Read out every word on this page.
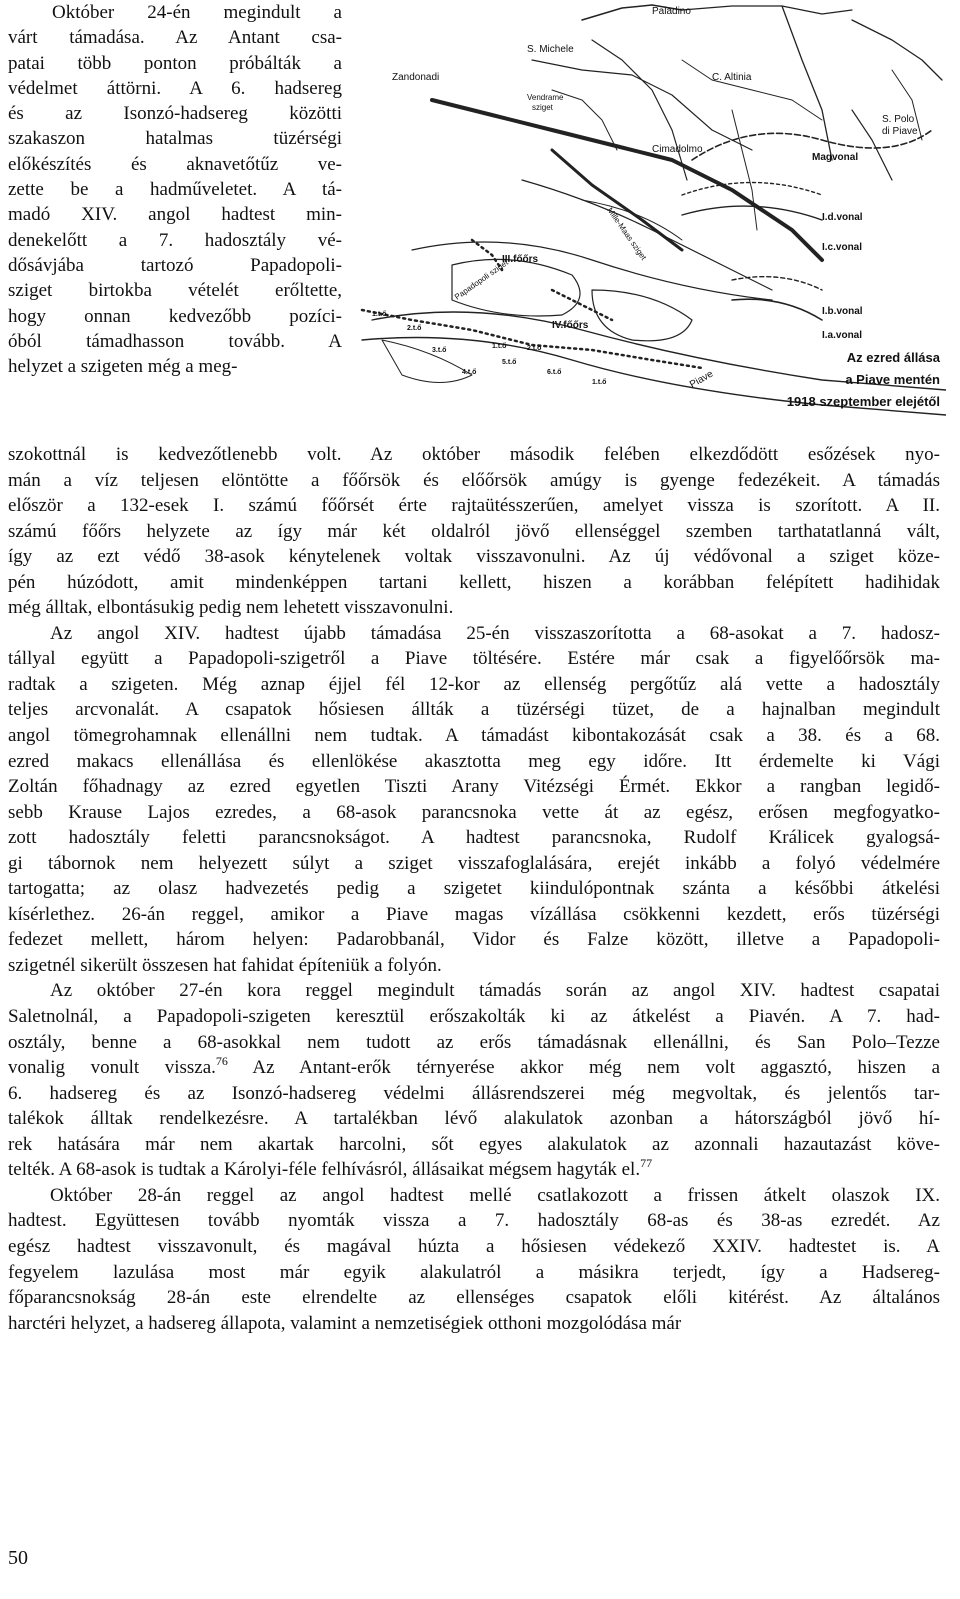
Október 24-én megindult a
várt támadása. Az Antant csa-
patai több ponton próbálták a
védelmet áttörni. A 6. hadsereg
és az Isonzó-hadsereg közötti
szakaszon hatalmas tüzérségi
előkészítés és aknavetőtűz ve-
zette be a hadműveletet. A tá-
madó XIV. angol hadtest min-
denekelőtt a 7. hadosztály vé-
dősávjába tartozó Papadopoli-
sziget birtokba vételét erőltette,
hogy onnan kedvezőbb pozíci-
óból támadhasson tovább. A
helyzet a szigeten még a meg-
Paladino
S. Michele
Zandonadi	C. Altinia
S. Polo
di Piave
Vendrame
sziget
Cimadolmo
Magvonal
I.d.vonal
I.c.vonal
I.b.vonal
I.a.vonal
Mille-Maas sziget
Papadopoli sziget
III.főőrs
IV.főőrs
Piave
1.t.ő
2.t.ő
3.t.ő
1.t.ő	2.t.ő
4.t.ő
5.t.ő
6.t.ő
1.t.ő
Az ezred állása
a Piave mentén
1918 szeptember elejétől
szokottnál is kedvezőtlenebb volt. Az október második felében elkezdődött esőzések nyo-
mán a víz teljesen elöntötte a főőrsök és előőrsök amúgy is gyenge fedezékeit. A támadás
először a 132-esek I. számú főőrsét érte rajtaütésszerűen, amelyet vissza is szorított. A II.
számú főőrs helyzete az így már két oldalról jövő ellenséggel szemben tarthatatlanná vált,
így az ezt védő 38-asok kénytelenek voltak visszavonulni. Az új védővonal a sziget köze-
pén húzódott, amit mindenképpen tartani kellett, hiszen a korábban felépített hadihidak
még álltak, elbontásukig pedig nem lehetett visszavonulni.
Az angol XIV. hadtest újabb támadása 25-én visszaszorította a 68-asokat a 7. hadosz-
tállyal együtt a Papadopoli-szigetről a Piave töltésére. Estére már csak a figyelőőrsök ma-
radtak a szigeten. Még aznap éjjel fél 12-kor az ellenség pergőtűz alá vette a hadosztály
teljes arcvonalát. A csapatok hősiesen állták a tüzérségi tüzet, de a hajnalban megindult
angol tömegrohamnak ellenállni nem tudtak. A támadást kibontakozását csak a 38. és a 68.
ezred makacs ellenállása és ellenlökése akasztotta meg egy időre. Itt érdemelte ki Vági
Zoltán főhadnagy az ezred egyetlen Tiszti Arany Vitézségi Érmét. Ekkor a rangban legidő-
sebb Krause Lajos ezredes, a 68-asok parancsnoka vette át az egész, erősen megfogyatko-
zott hadosztály feletti parancsnokságot. A hadtest parancsnoka, Rudolf Králicek gyalogsá-
gi tábornok nem helyezett súlyt a sziget visszafoglalására, erejét inkább a folyó védelmére
tartogatta; az olasz hadvezetés pedig a szigetet kiindulópontnak szánta a későbbi átkelési
kísérlethez. 26-án reggel, amikor a Piave magas vízállása csökkenni kezdett, erős tüzérségi
fedezet mellett, három helyen: Padarobbanál, Vidor és Falze között, illetve a Papadopoli-
szigetnél sikerült összesen hat fahidat építeniük a folyón.
Az október 27-én kora reggel megindult támadás során az angol XIV. hadtest csapatai
Saletnolnál, a Papadopoli-szigeten keresztül erőszakolták ki az átkelést a Piavén. A 7. had-
osztály, benne a 68-asokkal nem tudott az erős támadásnak ellenállni, és San Polo–Tezze
vonalig vonult vissza.$^{76}$ Az Antant-erők térnyerése akkor még nem volt aggasztó, hiszen a
6. hadsereg és az Isonzó-hadsereg védelmi állásrendszerei még megvoltak, és jelentős tar-
talékok álltak rendelkezésre. A tartalékban lévő alakulatok azonban a hátországból jövő hí-
rek hatására már nem akartak harcolni, sőt egyes alakulatok az azonnali hazautazást köve-
telték. A 68-asok is tudtak a Károlyi-féle felhívásról, állásaikat mégsem hagyták el.$^{77}$
Október 28-án reggel az angol hadtest mellé csatlakozott a frissen átkelt olaszok IX.
hadtest. Együttesen tovább nyomták vissza a 7. hadosztály 68-as és 38-as ezredét. Az
egész hadtest visszavonult, és magával húzta a hősiesen védekező XXIV. hadtestet is. A
fegyelem lazulása most már egyik alakulatról a másikra terjedt, így a Hadsereg-
főparancsnokság 28-án este elrendelte az ellenséges csapatok előli kitérést. Az általános
harctéri helyzet, a hadsereg állapota, valamint a nemzetiségiek otthoni mozgolódása már
50
